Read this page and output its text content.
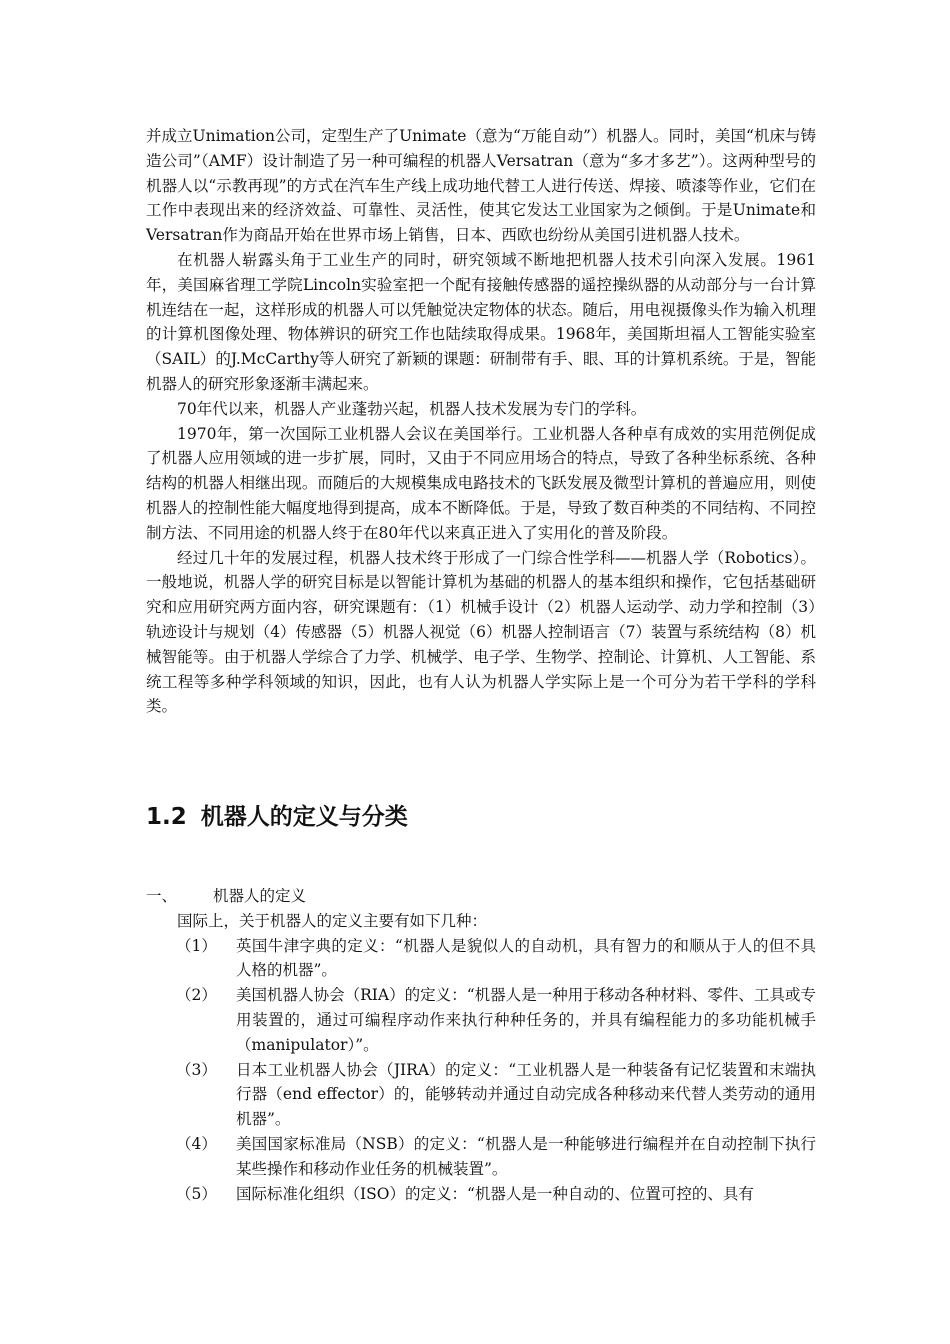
并成立Unimation公司，定型生产了Unimate（意为“万能自动”）机器人。同时，美国“机床与铸造公司”（AMF）设计制造了另一种可编程的机器人Versatran（意为“多才多艺”）。这两种型号的机器人以“示教再现”的方式在汽车生产线上成功地代替工人进行传送、焊接、喷漆等作业，它们在工作中表现出来的经济效益、可靠性、灵活性，使其它发达工业国家为之倾倒。于是Unimate和Versatran作为商品开始在世界市场上销售，日本、西欧也纷纷从美国引进机器人技术。

在机器人崭露头角于工业生产的同时，研究领域不断地把机器人技术引向深入发展。1961年，美国麻省理工学院Lincoln实验室把一个配有接触传感器的遥控操纵器的从动部分与一台计算机连结在一起，这样形成的机器人可以凭触觉决定物体的状态。随后，用电视摄像头作为输入机理的计算机图像处理、物体辨识的研究工作也陆续取得成果。1968年，美国斯坦福人工智能实验室（SAIL）的J.McCarthy等人研究了新颖的课题：研制带有手、眼、耳的计算机系统。于是，智能机器人的研究形象逐渐丰满起来。

70年代以来，机器人产业蓬勃兴起，机器人技术发展为专门的学科。

1970年，第一次国际工业机器人会议在美国举行。工业机器人各种卓有成效的实用范例促成了机器人应用领域的进一步扩展，同时，又由于不同应用场合的特点，导致了各种坐标系统、各种结构的机器人相继出现。而随后的大规模集成电路技术的飞跃发展及微型计算机的普遍应用，则使机器人的控制性能大幅度地得到提高，成本不断降低。于是，导致了数百种类的不同结构、不同控制方法、不同用途的机器人终于在80年代以来真正进入了实用化的普及阶段。

经过几十年的发展过程，机器人技术终于形成了一门综合性学科——机器人学（Robotics）。一般地说，机器人学的研究目标是以智能计算机为基础的机器人的基本组织和操作，它包括基础研究和应用研究两方面内容，研究课题有：（1）机械手设计（2）机器人运动学、动力学和控制（3）轨迹设计与规划（4）传感器（5）机器人视觉（6）机器人控制语言（7）装置与系统结构（8）机械智能等。由于机器人学综合了力学、机械学、电子学、生物学、控制论、计算机、人工智能、系统工程等多种学科领域的知识，因此，也有人认为机器人学实际上是一个可分为若干学科的学科类。

1.2 机器人的定义与分类
一、 机器人的定义

国际上，关于机器人的定义主要有如下几种：

（1） 英国牛津字典的定义：“机器人是貌似人的自动机，具有智力的和顺从于人的但不具人格的机器”。
（2） 美国机器人协会（RIA）的定义：“机器人是一种用于移动各种材料、零件、工具或专用装置的，通过可编程序动作来执行种种任务的，并具有编程能力的多功能机械手（manipulator）”。
（3） 日本工业机器人协会（JIRA）的定义：“工业机器人是一种装备有记忆装置和末端执行器（end effector）的，能够转动并通过自动完成各种移动来代替人类劳动的通用机器”。
（4） 美国国家标准局（NSB）的定义：“机器人是一种能够进行编程并在自动控制下执行某些操作和移动作业任务的机械装置”。
（5） 国际标准化组织（ISO）的定义：“机器人是一种自动的、位置可控的、具有
